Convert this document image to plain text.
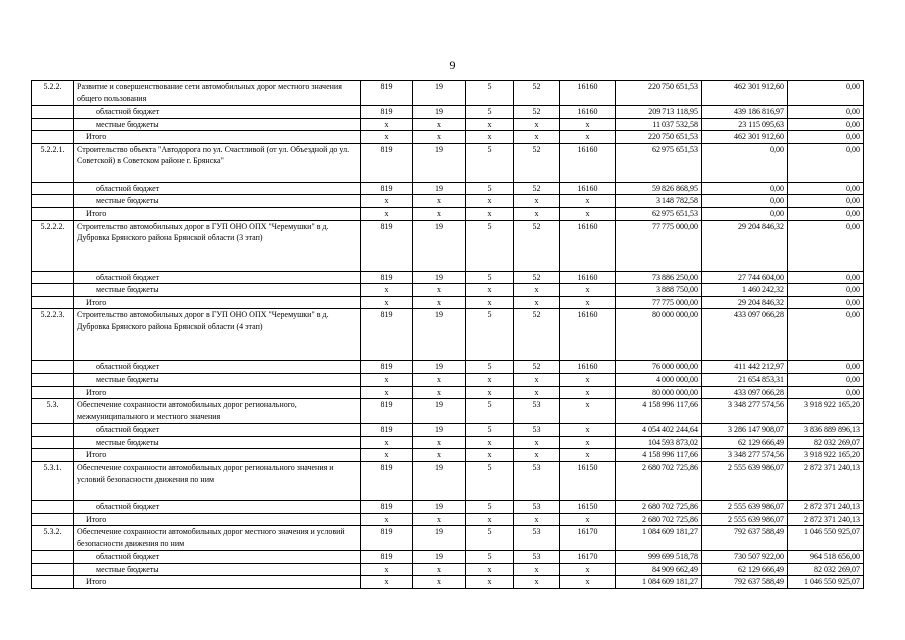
9
5.2.2.	Развитие и совершенствование сети автомобильных дорог местного значения общего пользования	819	19	5	52	16160	220 750 651,53	462 301 912,60	0,00
	областной бюджет	819	19	5	52	16160	209 713 118,95	439 186 816,97	0,00
	местные бюджеты	x	x	x	x	x	11 037 532,58	23 115 095,63	0,00
	Итого	x	x	x	x	x	220 750 651,53	462 301 912,60	0,00
5.2.2.1.	Строительство объекта "Автодорога по ул. Счастливой (от ул. Объездной до ул. Советской) в Советском районе г. Брянска"	819	19	5	52	16160	62 975 651,53	0,00	0,00
	областной бюджет	819	19	5	52	16160	59 826 868,95	0,00	0,00
	местные бюджеты	x	x	x	x	x	3 148 782,58	0,00	0,00
	Итого	x	x	x	x	x	62 975 651,53	0,00	0,00
5.2.2.2.	Строительство автомобильных дорог в ГУП ОНО ОПХ "Черемушки" в д. Дубровка Брянского района Брянской области (3 этап)	819	19	5	52	16160	77 775 000,00	29 204 846,32	0,00
	областной бюджет	819	19	5	52	16160	73 886 250,00	27 744 604,00	0,00
	местные бюджеты	x	x	x	x	x	3 888 750,00	1 460 242,32	0,00
	Итого	x	x	x	x	x	77 775 000,00	29 204 846,32	0,00
5.2.2.3.	Строительство автомобильных дорог в ГУП ОНО ОПХ "Черемушки" в д. Дубровка Брянского района Брянской области (4 этап)	819	19	5	52	16160	80 000 000,00	433 097 066,28	0,00
	областной бюджет	819	19	5	52	16160	76 000 000,00	411 442 212,97	0,00
	местные бюджеты	x	x	x	x	x	4 000 000,00	21 654 853,31	0,00
	Итого	x	x	x	x	x	80 000 000,00	433 097 066,28	0,00
5.3.	Обеспечение сохранности автомобильных дорог регионального, межмуниципального и местного значения	819	19	5	53	x	4 158 996 117,66	3 348 277 574,56	3 918 922 165,20
	областной бюджет	819	19	5	53	x	4 054 402 244,64	3 286 147 908,07	3 836 889 896,13
	местные бюджеты	x	x	x	x	x	104 593 873,02	62 129 666,49	82 032 269,07
	Итого	x	x	x	x	x	4 158 996 117,66	3 348 277 574,56	3 918 922 165,20
5.3.1.	Обеспечение сохранности автомобильных дорог регионального значения и условий безопасности движения по ним	819	19	5	53	16150	2 680 702 725,86	2 555 639 986,07	2 872 371 240,13
	областной бюджет	819	19	5	53	16150	2 680 702 725,86	2 555 639 986,07	2 872 371 240,13
	Итого	x	x	x	x	x	2 680 702 725,86	2 555 639 986,07	2 872 371 240,13
5.3.2.	Обеспечение сохранности автомобильных дорог местного значения и условий безопасности движения по ним	819	19	5	53	16170	1 084 609 181,27	792 637 588,49	1 046 550 925,07
	областной бюджет	819	19	5	53	16170	999 699 518,78	730 507 922,00	964 518 656,00
	местные бюджеты	x	x	x	x	x	84 909 662,49	62 129 666,49	82 032 269,07
	Итого	x	x	x	x	x	1 084 609 181,27	792 637 588,49	1 046 550 925,07
